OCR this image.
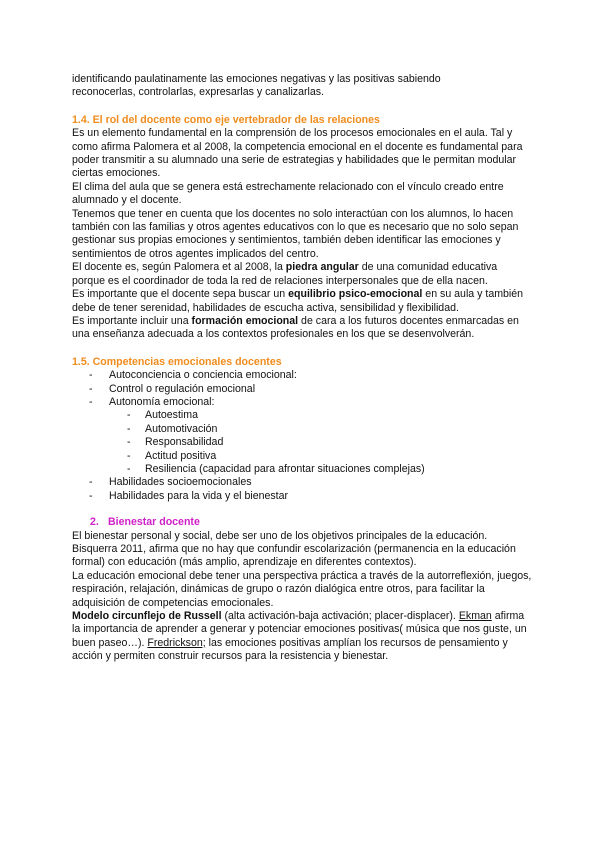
identificando paulatinamente las emociones negativas y las positivas sabiendo
reconocerlas, controlarlas, expresarlas y canalizarlas.

1.4. El rol del docente como eje vertebrador de las relaciones

Es un elemento fundamental en la comprensión de los procesos emocionales en el aula. Tal y como afirma Palomera et al 2008, la competencia emocional en el docente es fundamental para poder transmitir a su alumnado una serie de estrategias y habilidades que le permitan modular ciertas emociones.

El clima del aula que se genera está estrechamente relacionado con el vínculo creado entre alumnado y el docente.

Tenemos que tener en cuenta que los docentes no solo interactúan con los alumnos, lo hacen también con las familias y otros agentes educativos con lo que es necesario que no solo sepan gestionar sus propias emociones y sentimientos, también deben identificar las emociones y sentimientos de otros agentes implicados del centro.

El docente es, según Palomera et al 2008, la piedra angular de una comunidad educativa porque es el coordinador de toda la red de relaciones interpersonales que de ella nacen.

Es importante que el docente sepa buscar un equilibrio psico-emocional en su aula y también debe de tener serenidad, habilidades de escucha activa, sensibilidad y flexibilidad.

Es importante incluir una formación emocional de cara a los futuros docentes enmarcadas en una enseñanza adecuada a los contextos profesionales en los que se desenvolverán.

1.5. Competencias emocionales docentes

- Autoconciencia o conciencia emocional:
- Control o regulación emocional
- Autonomía emocional:
- Autoestima
- Automotivación
- Responsabilidad
- Actitud positiva
- Resiliencia (capacidad para afrontar situaciones complejas)
- Habilidades socioemocionales
- Habilidades para la vida y el bienestar

2. Bienestar docente

El bienestar personal y social, debe ser uno de los objetivos principales de la educación. Bisquerra 2011, afirma que no hay que confundir escolarización (permanencia en la educación formal) con educación (más amplio, aprendizaje en diferentes contextos).

La educación emocional debe tener una perspectiva práctica a través de la autorreflexión, juegos, respiración, relajación, dinámicas de grupo o razón dialógica entre otros, para facilitar la adquisición de competencias emocionales.

Modelo circunflejo de Russell (alta activación-baja activación; placer-displacer). Ekman afirma la importancia de aprender a generar y potenciar emociones positivas( música que nos guste, un buen paseo…). Fredrickson; las emociones positivas amplían los recursos de pensamiento y acción y permiten construir recursos para la resistencia y bienestar.
